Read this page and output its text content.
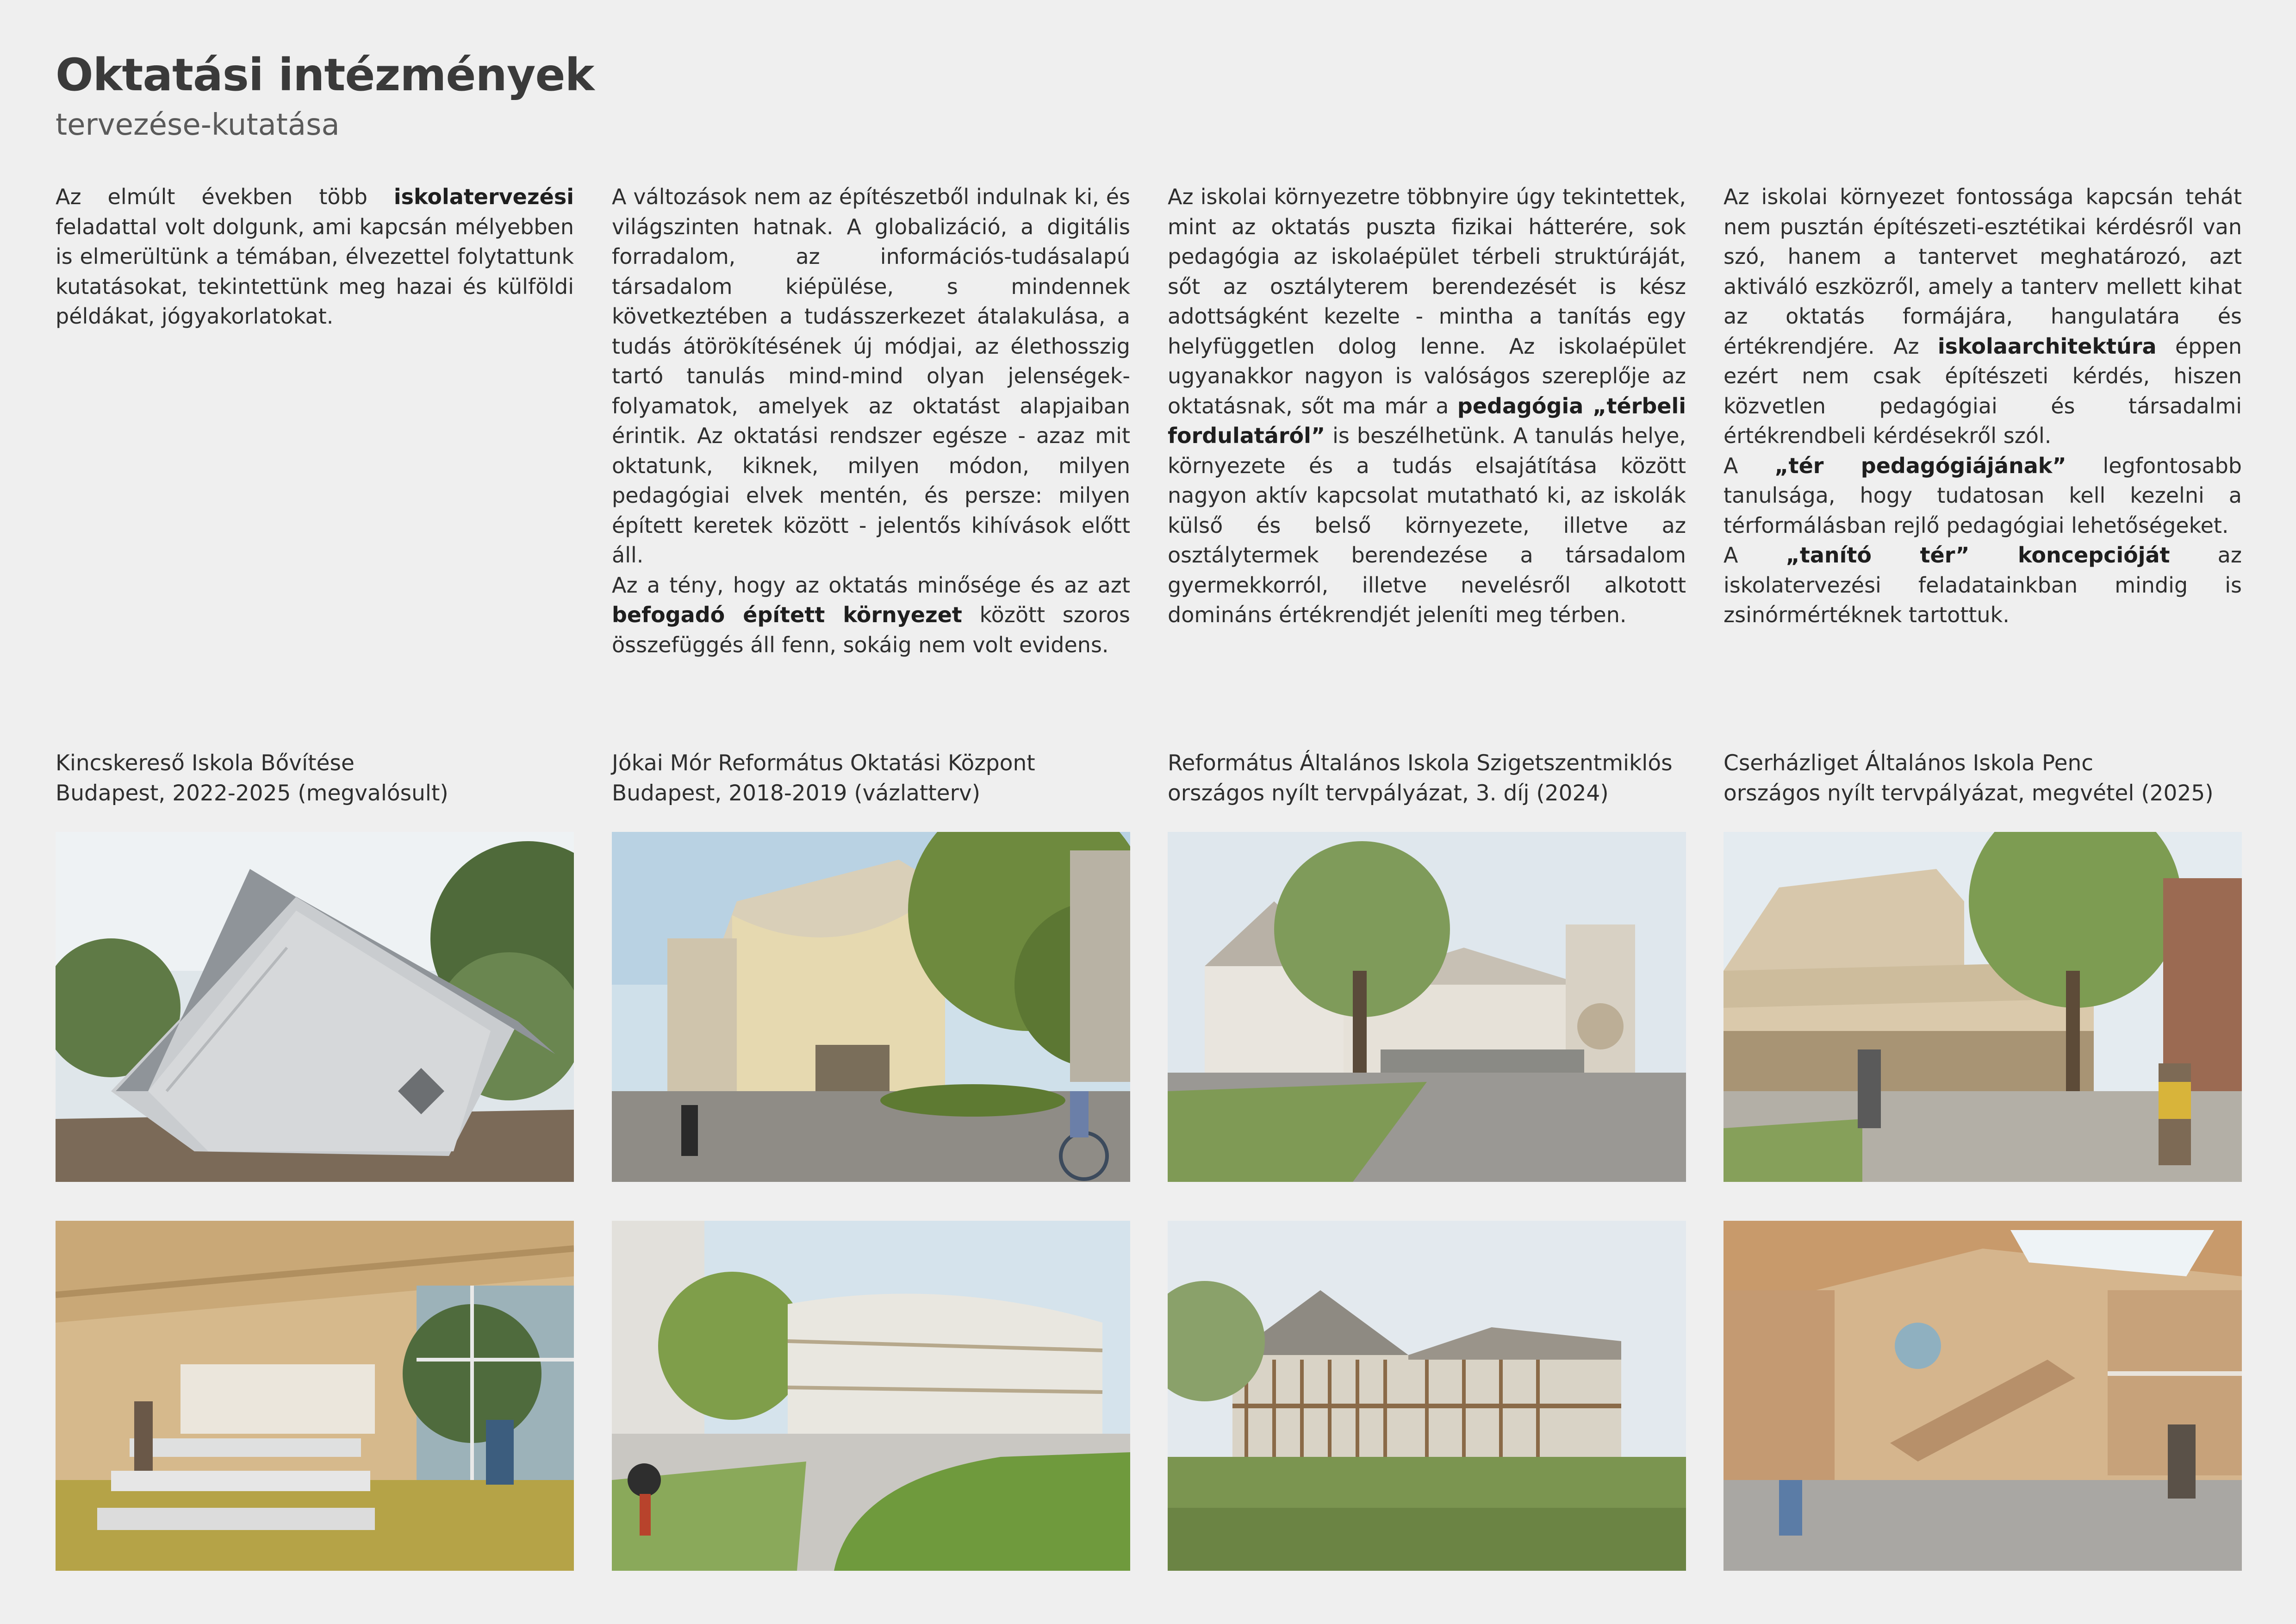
Oktatási intézmények
tervezése-kutatása

Az elmúlt években több iskolatervezési feladattal volt dolgunk, ami kapcsán mélyebben is elmerültünk a témában, élvezettel folytattunk kutatásokat, tekintettünk meg hazai és külföldi példákat, jógyakorlatokat.

A változások nem az építészetből indulnak ki, és világszinten hatnak. A globalizáció, a digitális forradalom, az információs-tudásalapú társadalom kiépülése, s mindennek következtében a tudásszerkezet átalakulása, a tudás átörökítésének új módjai, az élethosszig tartó tanulás mind-mind olyan jelenségek-folyamatok, amelyek az oktatást alapjaiban érintik. Az oktatási rendszer egésze - azaz mit oktatunk, kiknek, milyen módon, milyen pedagógiai elvek mentén, és persze: milyen épített keretek között - jelentős kihívások előtt áll.

Az a tény, hogy az oktatás minősége és az azt befogadó épített környezet között szoros összefüggés áll fenn, sokáig nem volt evidens.

Az iskolai környezetre többnyire úgy tekintettek, mint az oktatás puszta fizikai hátterére, sok pedagógia az iskolaépület térbeli struktúráját, sőt az osztályterem berendezését is kész adottságként kezelte - mintha a tanítás egy helyfüggetlen dolog lenne. Az iskolaépület ugyanakkor nagyon is valóságos szereplője az oktatásnak, sőt ma már a pedagógia „térbeli fordulatáról” is beszélhetünk. A tanulás helye, környezete és a tudás elsajátítása között nagyon aktív kapcsolat mutatható ki, az iskolák külső és belső környezete, illetve az osztálytermek berendezése a társadalom gyermekkorról, illetve nevelésről alkotott domináns értékrendjét jeleníti meg térben.

Az iskolai környezet fontossága kapcsán tehát nem pusztán építészeti-esztétikai kérdésről van szó, hanem a tantervet meghatározó, azt aktiváló eszközről, amely a tanterv mellett kihat az oktatás formájára, hangulatára és értékrendjére. Az iskolaarchitektúra éppen ezért nem csak építészeti kérdés, hiszen közvetlen pedagógiai és társadalmi értékrendbeli kérdésekről szól.

A „tér pedagógiájának” legfontosabb tanulsága, hogy tudatosan kell kezelni a térformálásban rejlő pedagógiai lehetőségeket.

A „tanító tér” koncepcióját az iskolatervezési feladatainkban mindig is zsinórmértéknek tartottuk.

Kincskereső Iskola Bővítése
Budapest, 2022-2025 (megvalósult)
Jókai Mór Református Oktatási Központ
Budapest, 2018-2019 (vázlatterv)
Református Általános Iskola Szigetszentmiklós
országos nyílt tervpályázat, 3. díj (2024)
Cserházliget Általános Iskola Penc
országos nyílt tervpályázat, megvétel (2025)
